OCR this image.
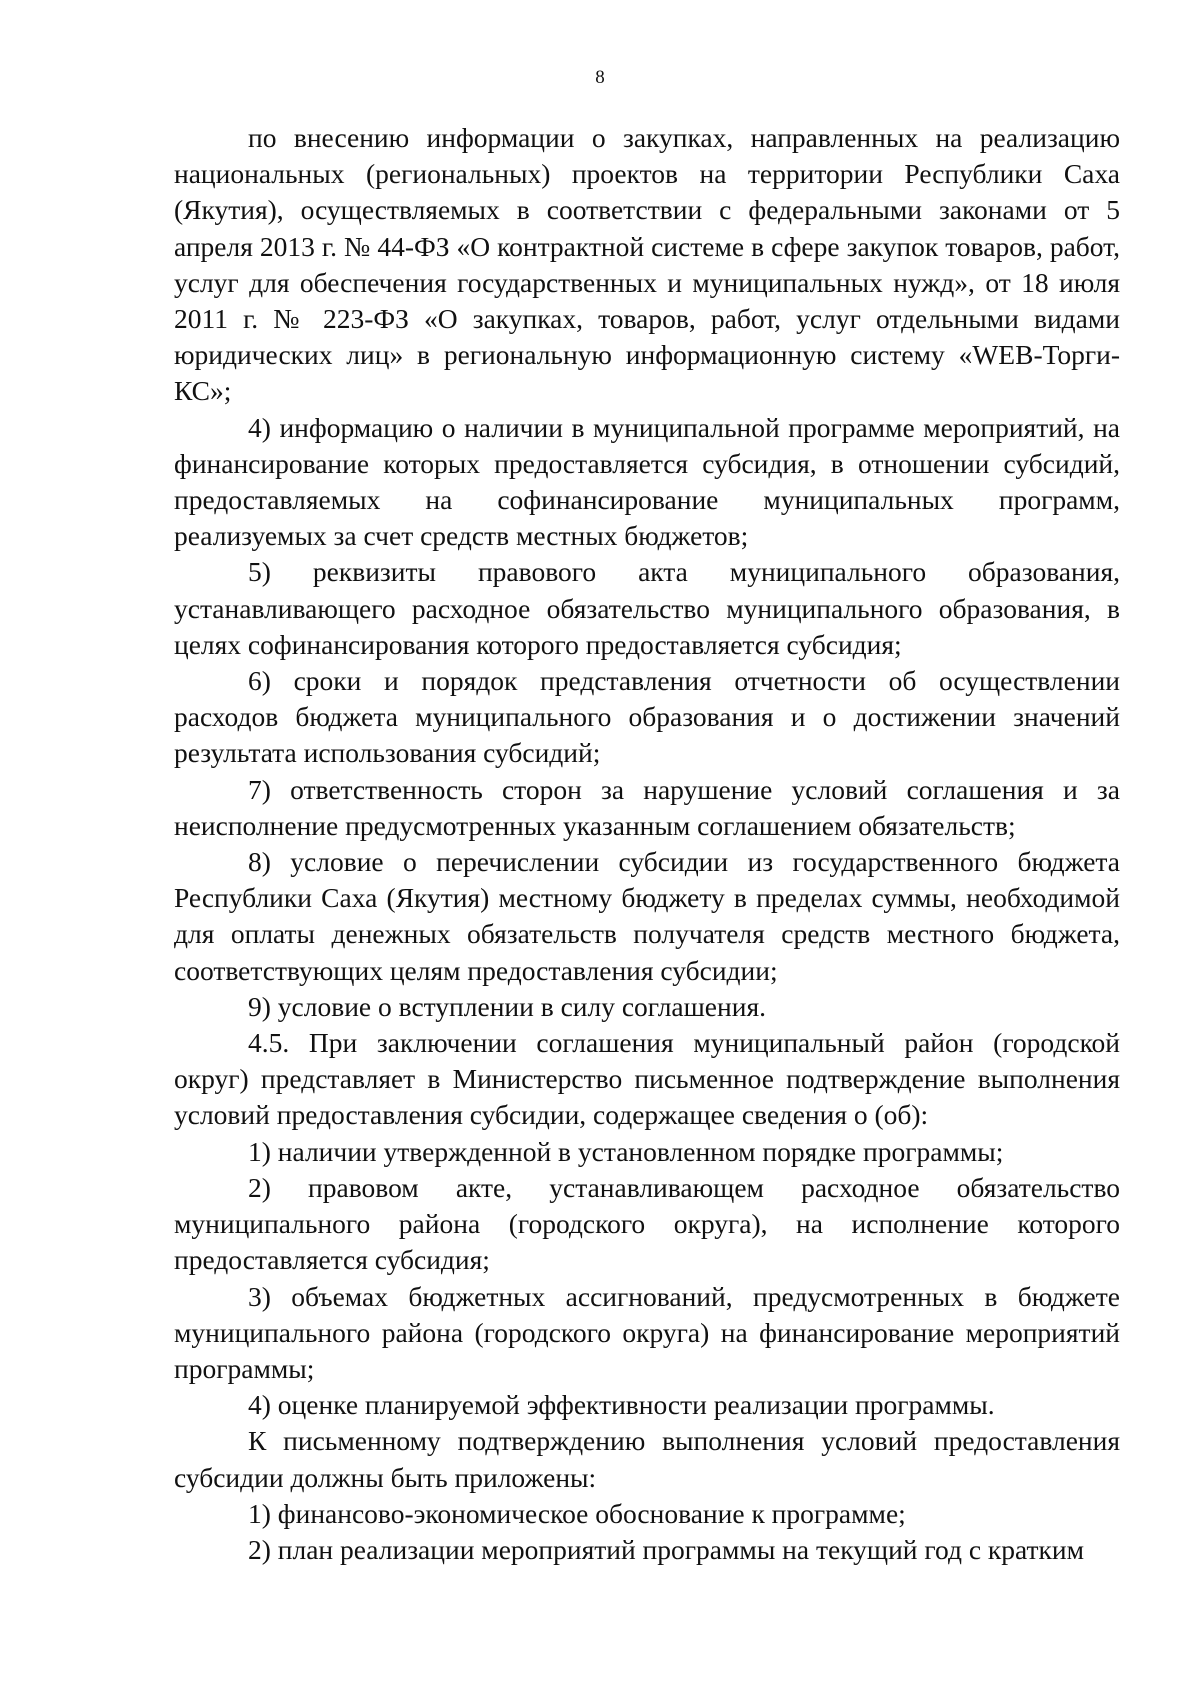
8

по внесению информации о закупках, направленных на реализацию национальных (региональных) проектов на территории Республики Саха (Якутия), осуществляемых в соответствии с федеральными законами от 5 апреля 2013 г. № 44-ФЗ «О контрактной системе в сфере закупок товаров, работ, услуг для обеспечения государственных и муниципальных нужд», от 18 июля 2011 г. № 223-ФЗ «О закупках, товаров, работ, услуг отдельными видами юридических лиц» в региональную информационную систему «WEB-Торги-КС»;

4) информацию о наличии в муниципальной программе мероприятий, на финансирование которых предоставляется субсидия, в отношении субсидий, предоставляемых на софинансирование муниципальных программ, реализуемых за счет средств местных бюджетов;

5) реквизиты правового акта муниципального образования, устанавливающего расходное обязательство муниципального образования, в целях софинансирования которого предоставляется субсидия;

6) сроки и порядок представления отчетности об осуществлении расходов бюджета муниципального образования и о достижении значений результата использования субсидий;

7) ответственность сторон за нарушение условий соглашения и за неисполнение предусмотренных указанным соглашением обязательств;

8) условие о перечислении субсидии из государственного бюджета Республики Саха (Якутия) местному бюджету в пределах суммы, необходимой для оплаты денежных обязательств получателя средств местного бюджета, соответствующих целям предоставления субсидии;

9) условие о вступлении в силу соглашения.

4.5. При заключении соглашения муниципальный район (городской округ) представляет в Министерство письменное подтверждение выполнения условий предоставления субсидии, содержащее сведения о (об):

1) наличии утвержденной в установленном порядке программы;

2) правовом акте, устанавливающем расходное обязательство муниципального района (городского округа), на исполнение которого предоставляется субсидия;

3) объемах бюджетных ассигнований, предусмотренных в бюджете муниципального района (городского округа) на финансирование мероприятий программы;

4) оценке планируемой эффективности реализации программы.

К письменному подтверждению выполнения условий предоставления субсидии должны быть приложены:

1) финансово-экономическое обоснование к программе;

2) план реализации мероприятий программы на текущий год с кратким
